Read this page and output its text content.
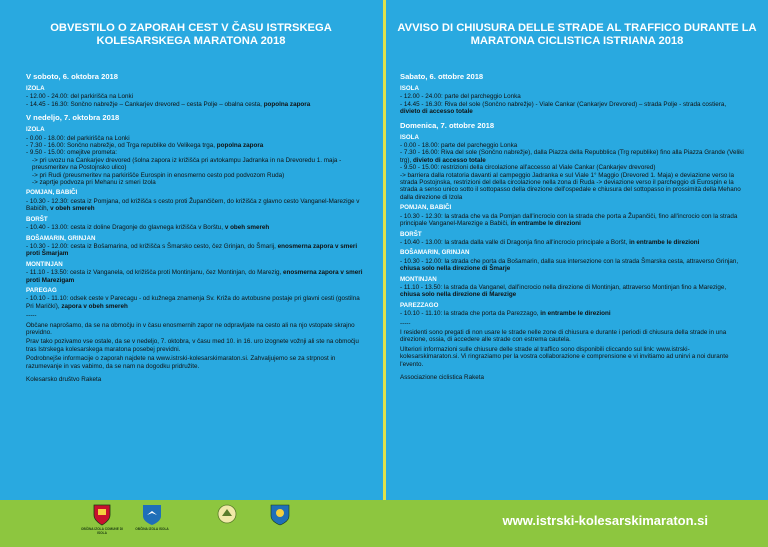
OBVESTILO O ZAPORAH CEST V ČASU ISTRSKEGA KOLESARSKEGA MARATONA 2018
V soboto, 6. oktobra 2018
IZOLA
- 12.00 - 24.00: del parkirišča na Lonki
- 14.45 - 16.30: Sončno nabrežje – Cankarjev drevored – cesta Polje – obalna cesta, popolna zapora
V nedeljo, 7. oktobra 2018
IZOLA
- 0.00 - 18.00: del parkirišča na Lonki
- 7.30 - 16.00: Sončno nabrežje, od Trga republike do Velikega trga, popolna zapora
- 9.50 - 15.00: omejitve prometa:
-> pri uvozu na Cankarjev drevored (šolna zapora iz križišča pri avtokampu Jadranka in na Drevoredu 1. maja - preusmeritev na Postojnsko ulico)
-> pri Rudi (preusmeritev na parkirišče Eurospin in enosmerno cesto pod podvozom Ruda)
-> zaprtje podvoza pri Mehanu iz smeri Izola
POMJAN, BABIČI
- 10.30 - 12.30: cesta iz Pomjana, od križišča s cesto proti Župančičem, do križišča z glavno cesto Vanganel-Marezige v Babičih, v obeh smereh
BORŠT
- 10.40 - 13.00: cesta iz doline Dragonje do glavnega križišča v Borštu, v obeh smereh
BOŠAMARIN, GRINJAN
- 10.30 - 12.00: cesta iz Bošamarina, od križišča s Šmarsko cesto, čez Grinjan, do Šmarij, enosmerna zapora v smeri proti Šmarjam
MONTINJAN
- 11.10 - 13.50: cesta iz Vanganela, od križišča proti Montinjanu, čez Montinjan, do Marezig, enosmerna zapora v smeri proti Marezigam
PAREGAG
- 10.10 - 11.10: odsek ceste v Parecagu - od kužnega znamenja Sv. Križa do avtobusne postaje pri glavni cesti (gostilna Pri Maričkí), zapora v obeh smereh
-----
Občane naprošamo, da se na območju in v času enosmernih zapor ne odpravljate na cesto ali na njo vstopate skrajno previdno.
Prav tako pozivamo vse ostale, da se v nedeljo, 7. oktobra, v času med 10. in 16. uro izognete vožnji ali ste na območju tras Istrskega kolesarskega maratona posebej previdni.
Podrobnejše informacije o zaporah najdete na www.istrski-kolesarskimaraton.si. Zahvaljujemo se za strpnost in razumevanje in vas vabimo, da se nam na dogodku pridružite.
Kolesarsko društvo Raketa
AVVISO DI CHIUSURA DELLE STRADE AL TRAFFICO DURANTE LA MARATONA CICLISTICA ISTRIANA 2018
Sabato, 6. ottobre 2018
ISOLA
- 12.00 - 24.00: parte del parcheggio Lonka
- 14.45 - 16.30: Riva del sole (Sončno nabrežje) - Viale Cankar (Cankarjev Drevored) – strada Polje - strada costiera, divieto di accesso totale
Domenica, 7. ottobre 2018
ISOLA
- 0.00 - 18.00: parte del parcheggio Lonka
- 7.30 - 16.00: Riva del sole (Sončno nabrežje), dalla Piazza della Repubblica (Trg republike) fino alla Piazza Grande (Veliki trg), divieto di accesso totale
- 9.50 - 15.00: restrizioni della circolazione all'accesso al Viale Cankar (Cankarjev drevored)
-> barriera dalla rotatoria davanti al campeggio Jadranka e sul Viale 1° Maggio (Drevored 1. Maja) e deviazione verso la strada Postojnska, restrizioni del della circolazione nella zona di Ruda -> deviazione verso il parcheggio di Eurospin e la strada a senso unico sotto il sottopasso della direzione dell'ospedale e chiusura del sottopasso in prossimità della Mehano dalla direzione di Izola
POMJAN, BABIČI
- 10.30 - 12.30: la strada che va da Pomjan dall'incrocio con la strada che porta a Župančiči, fino all'incrocio con la strada principale Vanganel-Marezige a Babiči, in entrambe le direzioni
BORŠT
- 10.40 - 13.00: la strada dalla valle di Dragonja fino all'incrocio principale a Boršt, in entrambe le direzioni
BOŠAMARIN, GRINJAN
- 10.30 - 12.00: la strada che porta da Bošamarin, dalla sua intersezione con la strada Šmarska cesta, attraverso Grinjan, chiusa solo nella direzione di Šmarje
MONTINJAN
- 11.10 - 13.50: la strada da Vanganel, dall'incrocio nella direzione di Montinjan, attraverso Montinjan fino a Marezige, chiusa solo nella direzione di Marezige
PAREZZAGO
- 10.10 - 11.10: la strada che porta da Parezzago, in entrambe le direzioni
-----
I residenti sono pregati di non usare le strade nelle zone di chiusura e durante i periodi di chiusura della strade in una direzione, ossia, di accedere alle strade con estrema cautela.
Ulteriori informazioni sulle chiusure delle strade al traffico sono disponibili cliccando sul link: www.istrski-kolesarskimaraton.si. Vi ringraziamo per la vostra collaborazione e comprensione e vi invitiamo ad unirvi a noi durante l'evento.
Associazione ciclistica Raketa
OBČINA IZOLA COMUNE DI ISOLA
OBČINA IZOLA ISOLA
www.istrski-kolesarskimaraton.si
